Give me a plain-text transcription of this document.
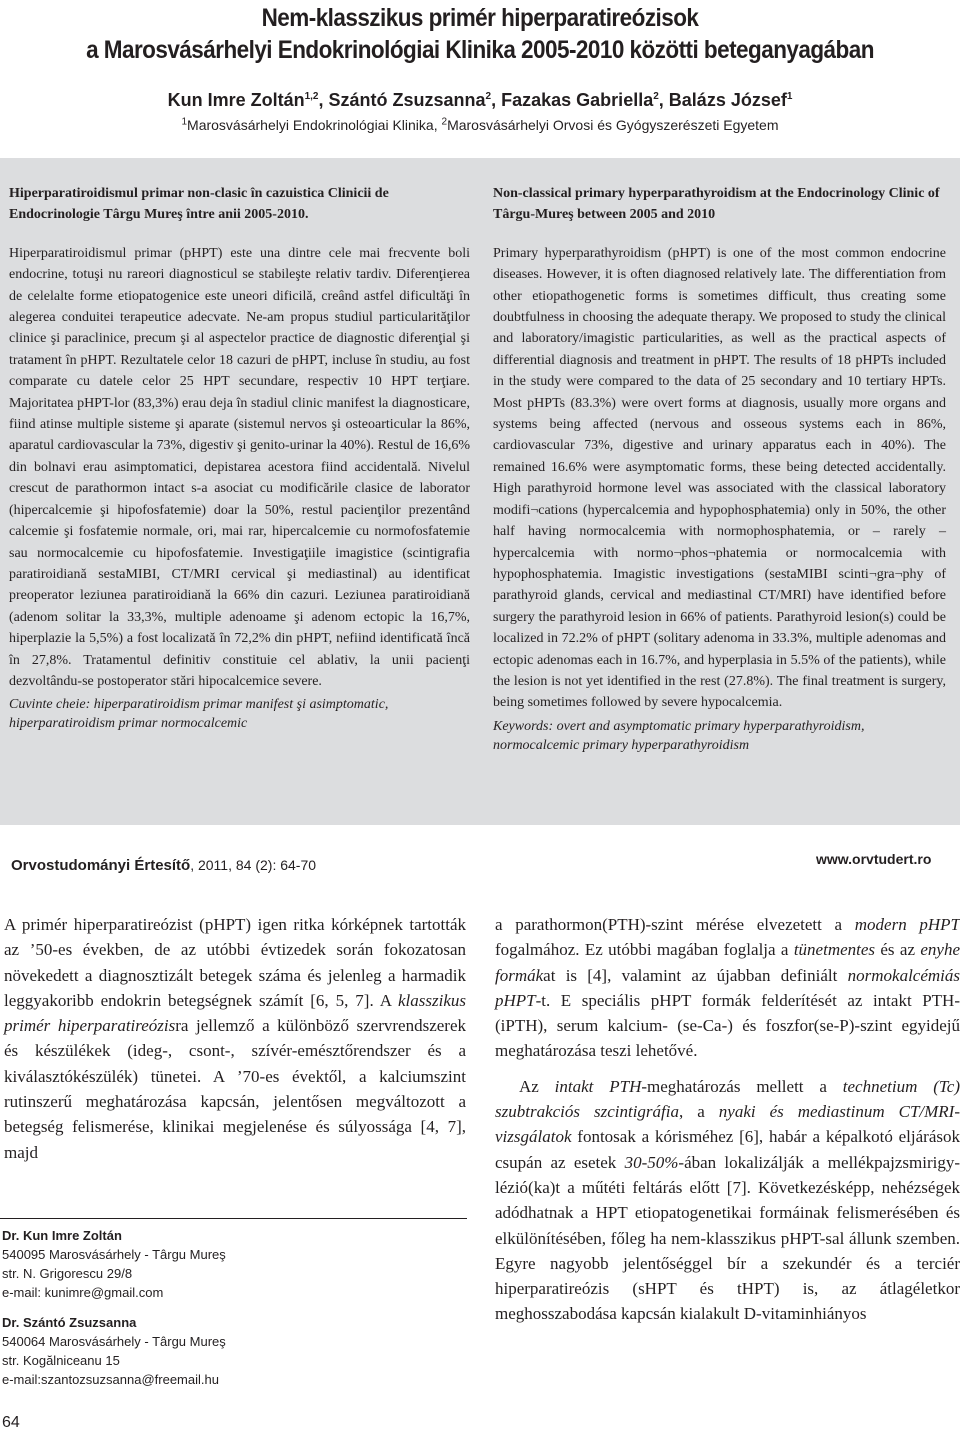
Nem-klasszikus primér hiperparatireózisok
a Marosvásárhelyi Endokrinológiai Klinika 2005-2010 közötti beteganyagában
Kun Imre Zoltán$^{1,2}$, Szántó Zsuzsanna$^2$, Fazakas Gabriella$^2$, Balázs József$^1$
$^1$Marosvásárhelyi Endokrinológiai Klinika, $^2$Marosvásárhelyi Orvosi és Gyógyszerészeti Egyetem

Hiperparatiroidismul primar non-clasic în cazuistica Clinicii de Endocrinologie Târgu Mureş între anii 2005-2010.

Hiperparatiroidismul primar (pHPT) este una dintre cele mai frecvente boli endocrine, totuşi nu rareori diagnosticul se stabileşte relativ tardiv. Diferenţierea de celelalte forme etiopatogenice este uneori dificilă, creând astfel dificultăţi în alegerea conduitei terapeutice adecvate. Ne-am propus studiul particularităţilor clinice şi paraclinice, precum şi al aspectelor practice de diagnostic diferenţial şi tratament în pHPT. Rezultatele celor 18 cazuri de pHPT, incluse în studiu, au fost comparate cu datele celor 25 HPT secundare, respectiv 10 HPT terţiare. Majoritatea pHPT-lor (83,3%) erau deja în stadiul clinic manifest la diagnosticare, fiind atinse multiple sisteme şi aparate (sistemul nervos şi osteoarticular la 86%, aparatul cardiovascular la 73%, digestiv şi genito-urinar la 40%). Restul de 16,6% din bolnavi erau asimptomatici, depistarea acestora fiind accidentală. Nivelul crescut de parathormon intact s-a asociat cu modificările clasice de laborator (hipercalcemie şi hipofosfatemie) doar la 50%, restul pacienţilor prezentând calcemie şi fosfatemie normale, ori, mai rar, hipercalcemie cu normofosfatemie sau normocalcemie cu hipofosfatemie. Investigaţiile imagistice (scintigrafia paratiroidiană sestaMIBI, CT/MRI cervical şi mediastinal) au identificat preoperator leziunea paratiroidiană la 66% din cazuri. Leziunea paratiroidiană (adenom solitar la 33,3%, multiple adenoame şi adenom ectopic la 16,7%, hiperplazie la 5,5%) a fost localizată în 72,2% din pHPT, nefiind identificată încă în 27,8%. Tratamentul definitiv constituie cel ablativ, la unii pacienţi dezvoltându-se postoperator stări hipocalcemice severe.

Cuvinte cheie: hiperparatiroidism primar manifest şi asimptomatic, hiperparatiroidism primar normocalcemic

Non-classical primary hyperparathyroidism at the Endocrinology Clinic of Târgu-Mureş between 2005 and 2010

Primary hyperparathyroidism (pHPT) is one of the most common endocrine diseases. However, it is often diagnosed relatively late. The differentiation from other etiopathogenetic forms is sometimes difficult, thus creating some doubtfulness in choosing the adequate therapy. We proposed to study the clinical and laboratory/imagistic particularities, as well as the practical aspects of differential diagnosis and treatment in pHPT. The results of 18 pHPTs included in the study were compared to the data of 25 secondary and 10 tertiary HPTs. Most pHPTs (83.3%) were overt forms at diagnosis, usually more organs and systems being affected (nervous and osseous systems each in 86%, cardiovascular 73%, digestive and urinary apparatus each in 40%). The remained 16.6% were asymptomatic forms, these being detected accidentally. High parathyroid hormone level was associated with the classical laboratory modifi¬cations (hypercalcemia and hypophosphatemia) only in 50%, the other half having normocalcemia with normophosphatemia, or – rarely – hypercalcemia with normo¬phos¬phatemia or normocalcemia with hypophosphatemia. Imagistic investigations (sestaMIBI scinti¬gra¬phy of parathyroid glands, cervical and mediastinal CT/MRI) have identified before surgery the parathyroid lesion in 66% of patients. Parathyroid lesion(s) could be localized in 72.2% of pHPT (solitary adenoma in 33.3%, multiple adenomas and ectopic adenomas each in 16.7%, and hyperplasia in 5.5% of the patients), while the lesion is not yet identified in the rest (27.8%). The final treatment is surgery, being sometimes followed by severe hypocalcemia.

Keywords: overt and asymptomatic primary hyperparathyroidism, normocalcemic primary hyperparathyroidism

Orvostudományi Értesítő, 2011, 84 (2): 64-70	www.orvtudert.ro

A primér hiperparatireózist (pHPT) igen ritka kórképnek tartották az ’50-es években, de az utóbbi évtizedek során fokozatosan növekedett a diagnosztizált betegek száma és jelenleg a harmadik leggyakoribb endokrin betegségnek számít [6, 5, 7]. A klasszikus primér hiperparatireózisra jellemző a különböző szervrendszerek és készülékek (ideg-, csont-, szívér-emésztőrendszer és a kiválasztókészülék) tünetei. A ’70-es évektől, a kalciumszint rutinszerű meghatározása kapcsán, jelentősen megváltozott a betegség felismerése, klinikai megjelenése és súlyossága [4, 7], majd

Dr. Kun Imre Zoltán
540095 Marosvásárhely - Târgu Mureş
str. N. Grigorescu 29/8
e-mail: kunimre@gmail.com
Dr. Szántó Zsuzsanna
540064 Marosvásárhely - Târgu Mureş
str. Kogălniceanu 15
e-mail:szantozsuzsanna@freemail.hu

a parathormon(PTH)-szint mérése elvezetett a modern pHPT fogalmához. Ez utóbbi magában foglalja a tünetmentes és az enyhe formákat is [4], valamint az újabban definiált normokalcémiás pHPT-t. E speciális pHPT formák felderítését az intakt PTH- (iPTH), serum kalcium- (se-Ca-) és foszfor(se-P)-szint egyidejű meghatározása teszi lehetővé.

Az intakt PTH-meghatározás mellett a technetium (Tc) szubtrakciós szcintigráfia, a nyaki és mediastinum CT/MRI-vizsgálatok fontosak a kórisméhez [6], habár a képalkotó eljárások csupán az esetek 30-50%-ában lokalizálják a mellékpajzsmirigy-lézió(ka)t a műtéti feltárás előtt [7]. Következésképp, nehézségek adódhatnak a HPT etiopatogenetikai formáinak felismerésében és elkülönítésében, főleg ha nem-klasszikus pHPT-sal állunk szemben. Egyre nagyobb jelentőséggel bír a szekundér és a terciér hiperparatireózis (sHPT és tHPT) is, az átlagéletkor meghosszabodása kapcsán kialakult D-vitaminhiányos

64
